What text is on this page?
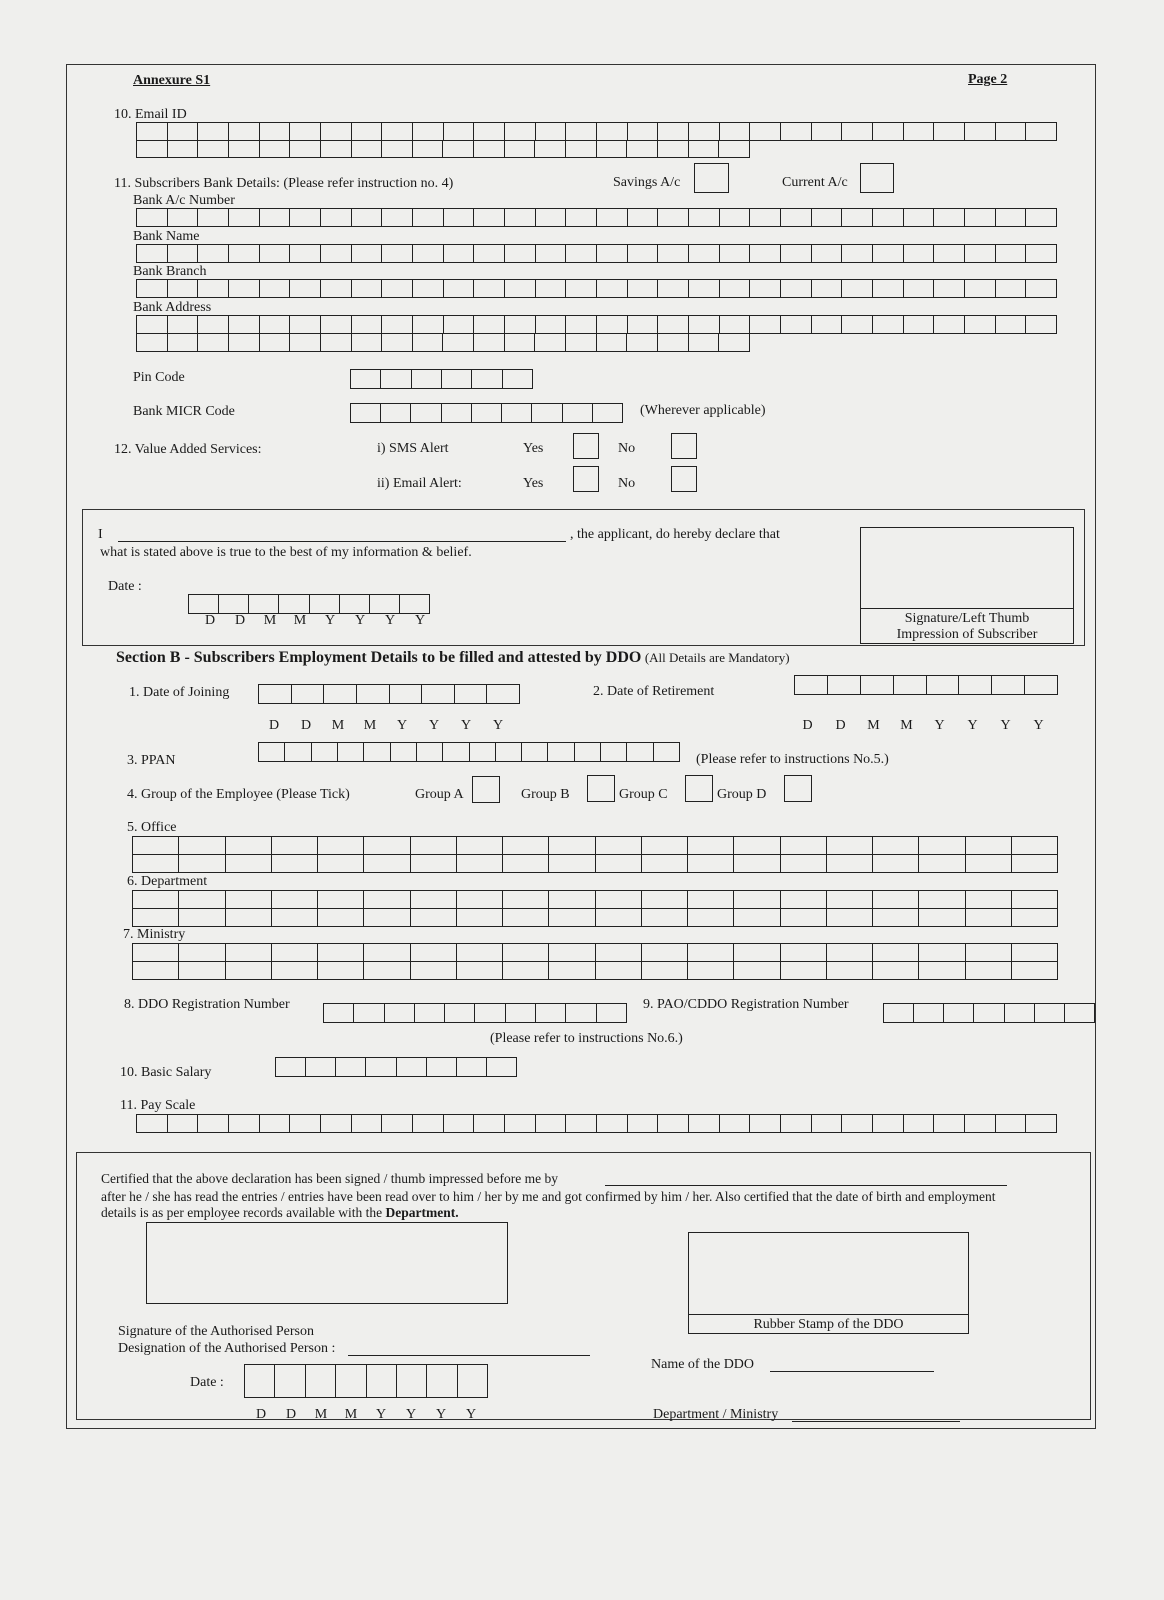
Annexure S1	Page 2
10. Email ID
11. Subscribers Bank Details: (Please refer instruction no. 4)	Savings A/c	Current A/c
Bank A/c Number
Bank Name
Bank Branch
Bank Address
Pin Code
Bank MICR Code	(Wherever applicable)
12. Value Added Services:	i) SMS Alert	Yes	No
ii) Email Alert:	Yes	No
I	, the applicant, do hereby declare that
what is stated above is true to the best of my information & belief.
Date :
D D M M Y Y Y Y	Signature/Left Thumb
Impression of Subscriber
Section B - Subscribers Employment Details to be filled and attested by DDO (All Details are Mandatory)
1. Date of Joining
D D M M Y Y Y Y
2. Date of Retirement
D D M M Y Y Y Y
3. PPAN	(Please refer to instructions No.5.)
4. Group of the Employee (Please Tick)	Group A	Group B	Group C	Group D
5. Office
6. Department
7. Ministry
8. DDO Registration Number	9. PAO/CDDO Registration Number
(Please refer to instructions No.6.)
10. Basic Salary
11. Pay Scale
Certified that the above declaration has been signed / thumb impressed before me by
after he / she has read the entries / entries have been read over to him / her by me and got confirmed by him / her. Also certified that the date of birth and employment
details is as per employee records available with the Department.
Rubber Stamp of the DDO
Signature of the Authorised Person
Designation of the Authorised Person :
Name of the DDO
Date :
D D M M Y Y Y Y	Department / Ministry
